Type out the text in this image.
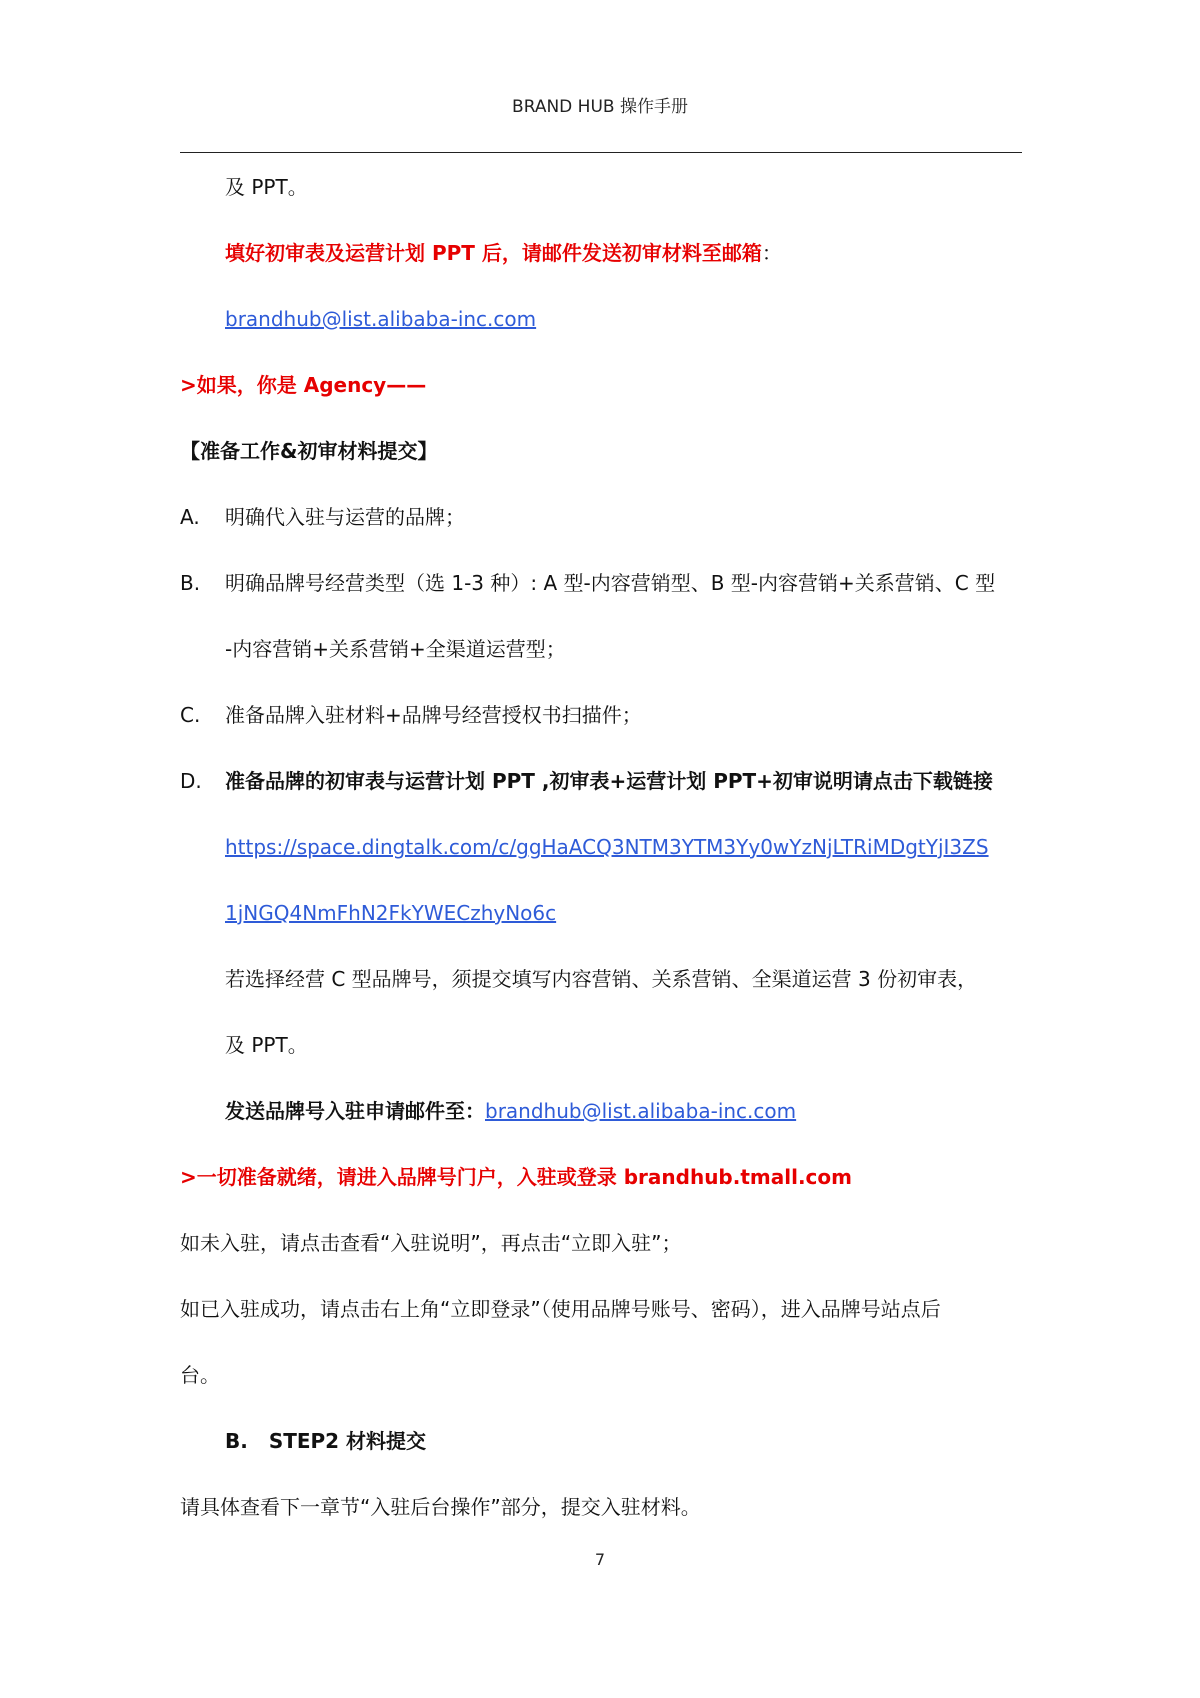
BRAND HUB 操作手册
及 PPT。
填好初审表及运营计划 PPT 后，请邮件发送初审材料至邮箱：
brandhub@list.alibaba-inc.com
>如果，你是 Agency——
【准备工作&初审材料提交】
A. 明确代入驻与运营的品牌；
B. 明确品牌号经营类型（选 1-3 种）: A 型-内容营销型、B 型-内容营销+关系营销、C 型
-内容营销+关系营销+全渠道运营型；
C. 准备品牌入驻材料+品牌号经营授权书扫描件；
D. 准备品牌的初审表与运营计划 PPT ,初审表+运营计划 PPT+初审说明请点击下载链接
https://space.dingtalk.com/c/ggHaACQ3NTM3YTM3Yy0wYzNjLTRiMDgtYjI3ZS
1jNGQ4NmFhN2FkYWECzhyNo6c
若选择经营 C 型品牌号，须提交填写内容营销、关系营销、全渠道运营 3 份初审表，
及 PPT。
发送品牌号入驻申请邮件至：brandhub@list.alibaba-inc.com
>一切准备就绪，请进入品牌号门户，入驻或登录 brandhub.tmall.com
如未入驻，请点击查看“入驻说明”，再点击“立即入驻”；
如已入驻成功，请点击右上角“立即登录”（使用品牌号账号、密码），进入品牌号站点后
台。
B. STEP2 材料提交
请具体查看下一章节“入驻后台操作”部分，提交入驻材料。
7
